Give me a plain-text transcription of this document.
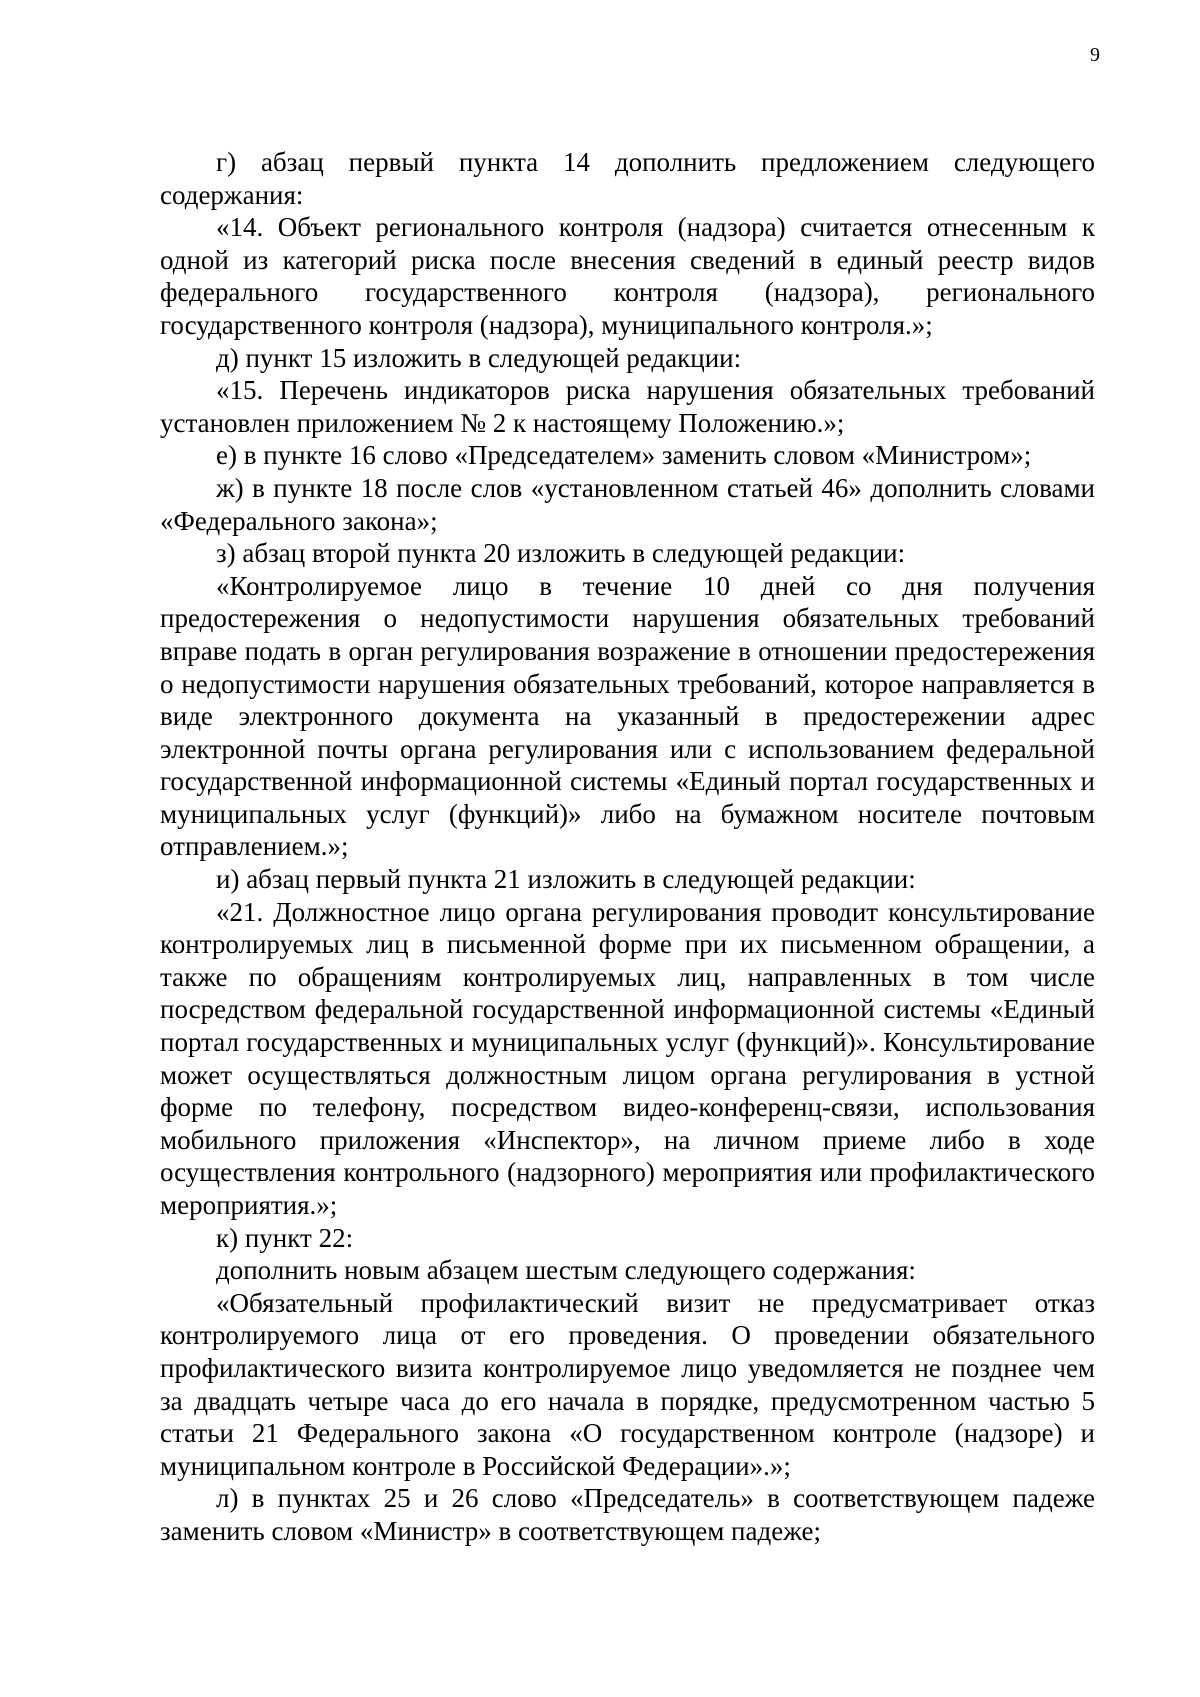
9

г) абзац первый пункта 14 дополнить предложением следующего содержания:

«14. Объект регионального контроля (надзора) считается отнесенным к одной из категорий риска после внесения сведений в единый реестр видов федерального государственного контроля (надзора), регионального государственного контроля (надзора), муниципального контроля.»;

д) пункт 15 изложить в следующей редакции:

«15. Перечень индикаторов риска нарушения обязательных требований установлен приложением № 2 к настоящему Положению.»;

е) в пункте 16 слово «Председателем» заменить словом «Министром»;

ж) в пункте 18 после слов «установленном статьей 46» дополнить словами «Федерального закона»;

з) абзац второй пункта 20 изложить в следующей редакции:

«Контролируемое лицо в течение 10 дней со дня получения предостережения о недопустимости нарушения обязательных требований вправе подать в орган регулирования возражение в отношении предостережения о недопустимости нарушения обязательных требований, которое направляется в виде электронного документа на указанный в предостережении адрес электронной почты органа регулирования или с использованием федеральной государственной информационной системы «Единый портал государственных и муниципальных услуг (функций)» либо на бумажном носителе почтовым отправлением.»;

и) абзац первый пункта 21 изложить в следующей редакции:

«21. Должностное лицо органа регулирования проводит консультирование контролируемых лиц в письменной форме при их письменном обращении, а также по обращениям контролируемых лиц, направленных в том числе посредством федеральной государственной информационной системы «Единый портал государственных и муниципальных услуг (функций)». Консультирование может осуществляться должностным лицом органа регулирования в устной форме по телефону, посредством видео-конференц-связи, использования мобильного приложения «Инспектор», на личном приеме либо в ходе осуществления контрольного (надзорного) мероприятия или профилактического мероприятия.»;

к) пункт 22:

дополнить новым абзацем шестым следующего содержания:

«Обязательный профилактический визит не предусматривает отказ контролируемого лица от его проведения. О проведении обязательного профилактического визита контролируемое лицо уведомляется не позднее чем за двадцать четыре часа до его начала в порядке, предусмотренном частью 5 статьи 21 Федерального закона «О государственном контроле (надзоре) и муниципальном контроле в Российской Федерации».»;

л) в пунктах 25 и 26 слово «Председатель» в соответствующем падеже заменить словом «Министр» в соответствующем падеже;
